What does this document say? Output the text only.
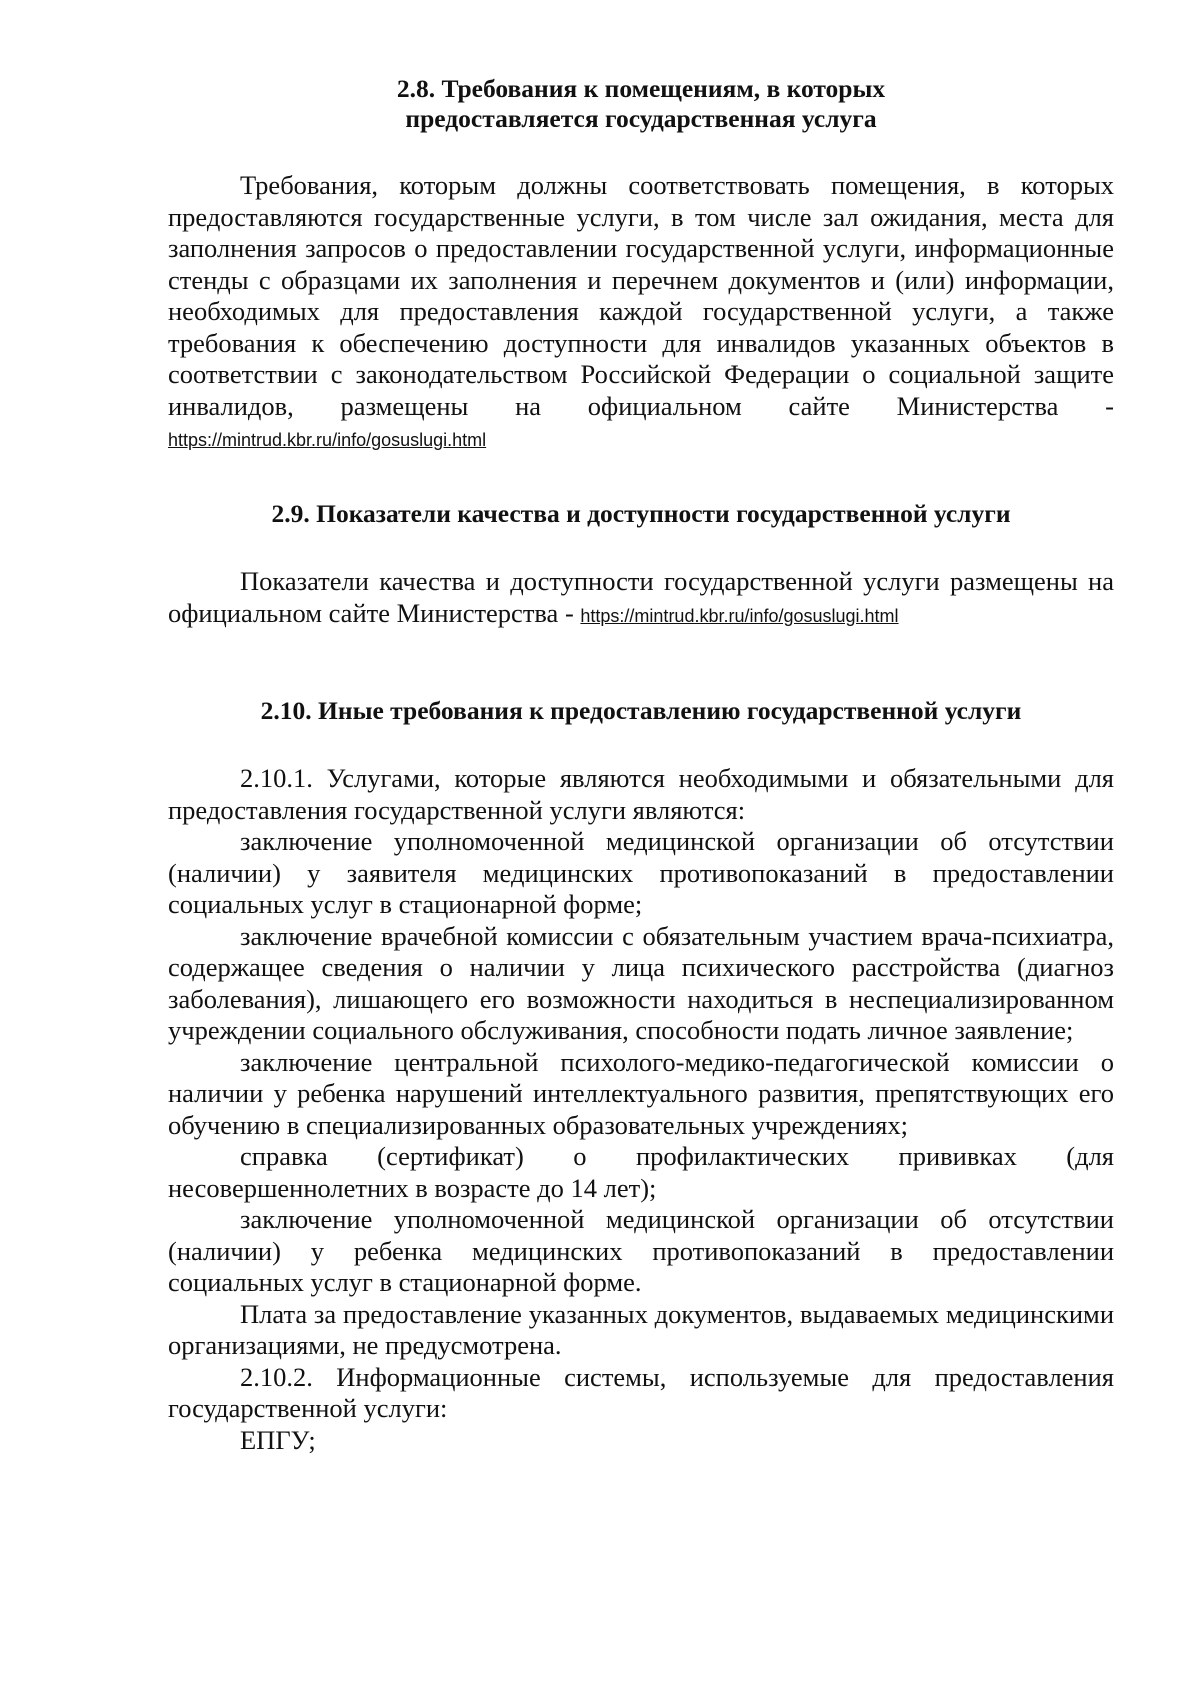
2.8. Требования к помещениям, в которых

предоставляется государственная услуга

Требования, которым должны соответствовать помещения, в которых предоставляются государственные услуги, в том числе зал ожидания, места для заполнения запросов о предоставлении государственной услуги, информационные стенды с образцами их заполнения и перечнем документов и (или) информации, необходимых для предоставления каждой государственной услуги, а также требования к обеспечению доступности для инвалидов указанных объектов в соответствии с законодательством Российской Федерации о социальной защите инвалидов, размещены на официальном сайте Министерства - https://mintrud.kbr.ru/info/gosuslugi.html

2.9. Показатели качества и доступности государственной услуги

Показатели качества и доступности государственной услуги размещены на официальном сайте Министерства - https://mintrud.kbr.ru/info/gosuslugi.html

2.10. Иные требования к предоставлению государственной услуги

2.10.1. Услугами, которые являются необходимыми и обязательными для предоставления государственной услуги являются:

заключение уполномоченной медицинской организации об отсутствии (наличии) у заявителя медицинских противопоказаний в предоставлении социальных услуг в стационарной форме;

заключение врачебной комиссии с обязательным участием врача-психиатра, содержащее сведения о наличии у лица психического расстройства (диагноз заболевания), лишающего его возможности находиться в неспециализированном учреждении социального обслуживания, способности подать личное заявление;

заключение центральной психолого-медико-педагогической комиссии о наличии у ребенка нарушений интеллектуального развития, препятствующих его обучению в специализированных образовательных учреждениях;

справка (сертификат) о профилактических прививках (для несовершеннолетних в возрасте до 14 лет);

заключение уполномоченной медицинской организации об отсутствии (наличии) у ребенка медицинских противопоказаний в предоставлении социальных услуг в стационарной форме.

Плата за предоставление указанных документов, выдаваемых медицинскими организациями, не предусмотрена.

2.10.2. Информационные системы, используемые для предоставления государственной услуги:

ЕПГУ;
